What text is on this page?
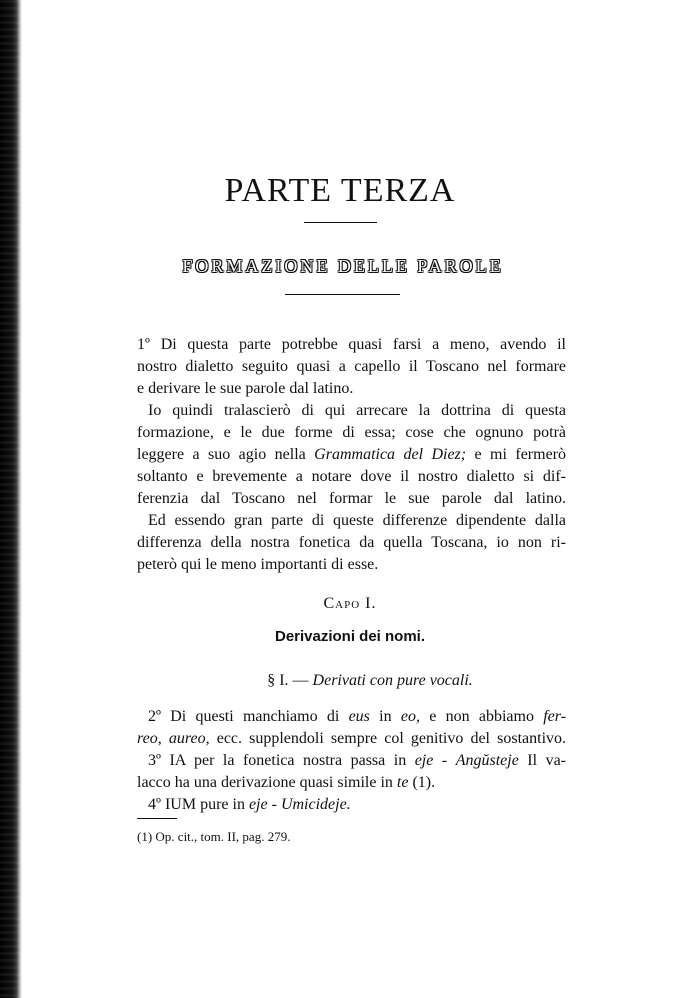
PARTE TERZA
FORMAZIONE DELLE PAROLE

1º Di questa parte potrebbe quasi farsi a meno, avendo il

nostro dialetto seguito quasi a capello il Toscano nel formare

e derivare le sue parole dal latino.

Io quindi tralascierò di qui arrecare la dottrina di questa

formazione, e le due forme di essa; cose che ognuno potrà

leggere a suo agio nella Grammatica del Diez; e mi fermerò

soltanto e brevemente a notare dove il nostro dialetto si dif-

ferenzia dal Toscano nel formar le sue parole dal latino.

Ed essendo gran parte di queste differenze dipendente dalla

differenza della nostra fonetica da quella Toscana, io non ri-

peterò qui le meno importanti di esse.

Capo I.

Derivazioni dei nomi.

§ I. — Derivati con pure vocali.

2º Di questi manchiamo di eus in eo, e non abbiamo fer-

reo, aureo, ecc. supplendoli sempre col genitivo del sostantivo.

3º IA per la fonetica nostra passa in eje - Angŭsteje Il va-

lacco ha una derivazione quasi simile in te (1).

4º IUM pure in eje - Umicideje.

(1) Op. cit., tom. II, pag. 279.
